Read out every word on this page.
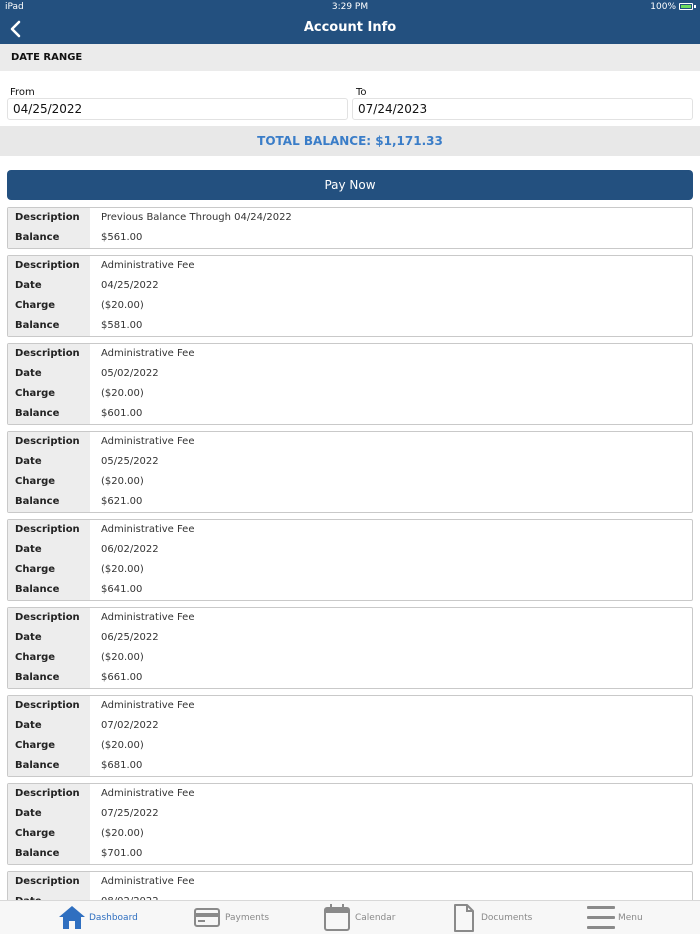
iPad	3:29 PM	100%
Account Info
DATE RANGE
From
04/25/2022	To
07/24/2023
TOTAL BALANCE: $1,171.33
Pay Now
Description	Previous Balance Through 04/24/2022
Balance	$561.00
Description	Administrative Fee
Date	04/25/2022
Charge	($20.00)
Balance	$581.00
Description	Administrative Fee
Date	05/02/2022
Charge	($20.00)
Balance	$601.00
Description	Administrative Fee
Date	05/25/2022
Charge	($20.00)
Balance	$621.00
Description	Administrative Fee
Date	06/02/2022
Charge	($20.00)
Balance	$641.00
Description	Administrative Fee
Date	06/25/2022
Charge	($20.00)
Balance	$661.00
Description	Administrative Fee
Date	07/02/2022
Charge	($20.00)
Balance	$681.00
Description	Administrative Fee
Date	07/25/2022
Charge	($20.00)
Balance	$701.00
Description	Administrative Fee
Dashboard	Payments	Calendar	Documents	Menu
